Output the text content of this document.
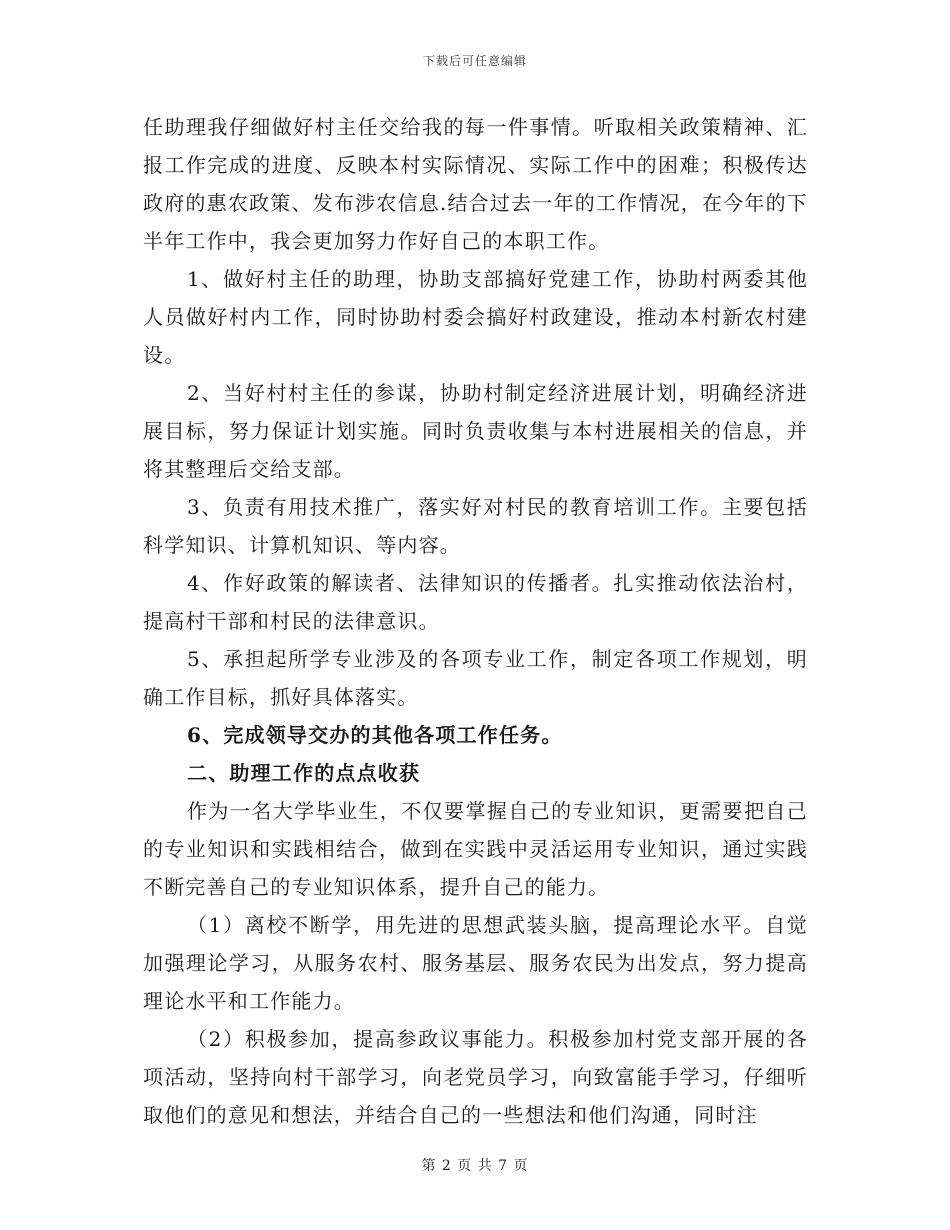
下载后可任意编辑

任助理我仔细做好村主任交给我的每一件事情。听取相关政策精神、汇报工作完成的进度、反映本村实际情况、实际工作中的困难；积极传达政府的惠农政策、发布涉农信息.结合过去一年的工作情况，在今年的下半年工作中，我会更加努力作好自己的本职工作。

1、做好村主任的助理，协助支部搞好党建工作，协助村两委其他人员做好村内工作，同时协助村委会搞好村政建设，推动本村新农村建设。

2、当好村村主任的参谋，协助村制定经济进展计划，明确经济进展目标，努力保证计划实施。同时负责收集与本村进展相关的信息，并将其整理后交给支部。

3、负责有用技术推广，落实好对村民的教育培训工作。主要包括科学知识、计算机知识、等内容。

4、作好政策的解读者、法律知识的传播者。扎实推动依法治村，提高村干部和村民的法律意识。

5、承担起所学专业涉及的各项专业工作，制定各项工作规划，明确工作目标，抓好具体落实。

6、完成领导交办的其他各项工作任务。

二、助理工作的点点收获

作为一名大学毕业生，不仅要掌握自己的专业知识，更需要把自己的专业知识和实践相结合，做到在实践中灵活运用专业知识，通过实践不断完善自己的专业知识体系，提升自己的能力。

（1）离校不断学，用先进的思想武装头脑，提高理论水平。自觉加强理论学习，从服务农村、服务基层、服务农民为出发点，努力提高理论水平和工作能力。

（2）积极参加，提高参政议事能力。积极参加村党支部开展的各项活动，坚持向村干部学习，向老党员学习，向致富能手学习，仔细听取他们的意见和想法，并结合自己的一些想法和他们沟通，同时注

第 2 页 共 7 页
